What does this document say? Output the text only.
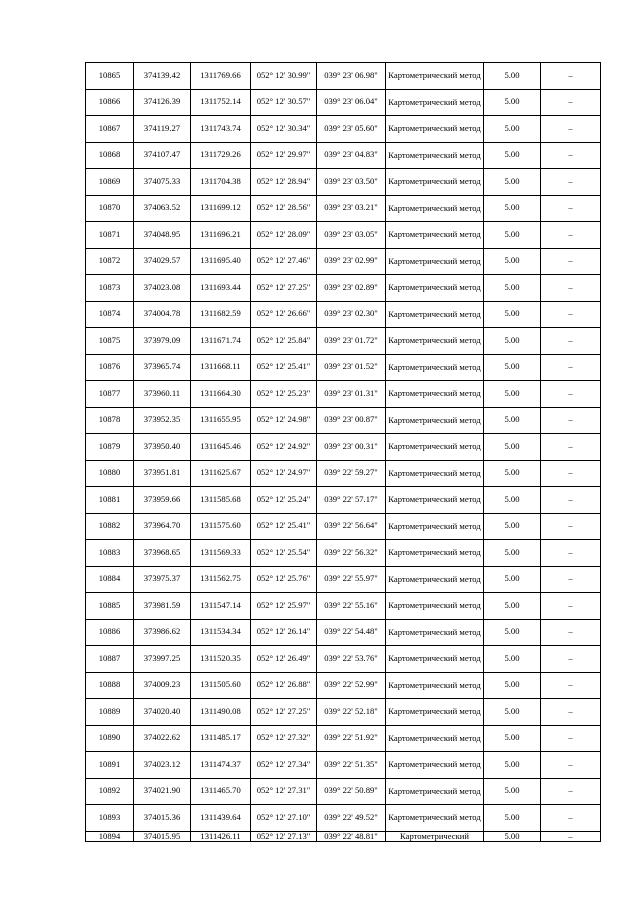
10865	374139.42	1311769.66	052° 12' 30.99"	039° 23' 06.98"	Картометрический метод	5.00	–
10866	374126.39	1311752.14	052° 12' 30.57"	039° 23' 06.04"	Картометрический метод	5.00	–
10867	374119.27	1311743.74	052° 12' 30.34"	039° 23' 05.60"	Картометрический метод	5.00	–
10868	374107.47	1311729.26	052° 12' 29.97"	039° 23' 04.83"	Картометрический метод	5.00	–
10869	374075.33	1311704.38	052° 12' 28.94"	039° 23' 03.50"	Картометрический метод	5.00	–
10870	374063.52	1311699.12	052° 12' 28.56"	039° 23' 03.21"	Картометрический метод	5.00	–
10871	374048.95	1311696.21	052° 12' 28.09"	039° 23' 03.05"	Картометрический метод	5.00	–
10872	374029.57	1311695.40	052° 12' 27.46"	039° 23' 02.99"	Картометрический метод	5.00	–
10873	374023.08	1311693.44	052° 12' 27.25"	039° 23' 02.89"	Картометрический метод	5.00	–
10874	374004.78	1311682.59	052° 12' 26.66"	039° 23' 02.30"	Картометрический метод	5.00	–
10875	373979.09	1311671.74	052° 12' 25.84"	039° 23' 01.72"	Картометрический метод	5.00	–
10876	373965.74	1311668.11	052° 12' 25.41"	039° 23' 01.52"	Картометрический метод	5.00	–
10877	373960.11	1311664.30	052° 12' 25.23"	039° 23' 01.31"	Картометрический метод	5.00	–
10878	373952.35	1311655.95	052° 12' 24.98"	039° 23' 00.87"	Картометрический метод	5.00	–
10879	373950.40	1311645.46	052° 12' 24.92"	039° 23' 00.31"	Картометрический метод	5.00	–
10880	373951.81	1311625.67	052° 12' 24.97"	039° 22' 59.27"	Картометрический метод	5.00	–
10881	373959.66	1311585.68	052° 12' 25.24"	039° 22' 57.17"	Картометрический метод	5.00	–
10882	373964.70	1311575.60	052° 12' 25.41"	039° 22' 56.64"	Картометрический метод	5.00	–
10883	373968.65	1311569.33	052° 12' 25.54"	039° 22' 56.32"	Картометрический метод	5.00	–
10884	373975.37	1311562.75	052° 12' 25.76"	039° 22' 55.97"	Картометрический метод	5.00	–
10885	373981.59	1311547.14	052° 12' 25.97"	039° 22' 55.16"	Картометрический метод	5.00	–
10886	373986.62	1311534.34	052° 12' 26.14"	039° 22' 54.48"	Картометрический метод	5.00	–
10887	373997.25	1311520.35	052° 12' 26.49"	039° 22' 53.76"	Картометрический метод	5.00	–
10888	374009.23	1311505.60	052° 12' 26.88"	039° 22' 52.99"	Картометрический метод	5.00	–
10889	374020.40	1311490.08	052° 12' 27.25"	039° 22' 52.18"	Картометрический метод	5.00	–
10890	374022.62	1311485.17	052° 12' 27.32"	039° 22' 51.92"	Картометрический метод	5.00	–
10891	374023.12	1311474.37	052° 12' 27.34"	039° 22' 51.35"	Картометрический метод	5.00	–
10892	374021.90	1311465.70	052° 12' 27.31"	039° 22' 50.89"	Картометрический метод	5.00	–
10893	374015.36	1311439.64	052° 12' 27.10"	039° 22' 49.52"	Картометрический метод	5.00	–
10894	374015.95	1311426.11	052° 12' 27.13"	039° 22' 48.81"	Картометрический	5.00	–
